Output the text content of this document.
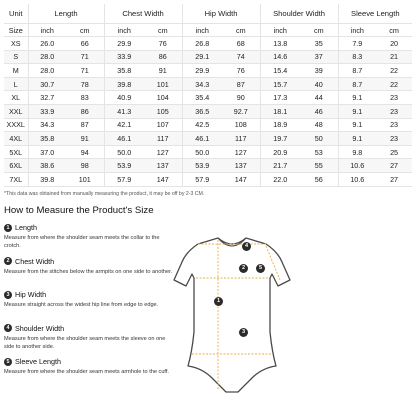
Unit	Length		Chest Width		Hip Width		Shoulder Width		Sleeve Length	
Size	inch	cm	inch	cm	inch	cm	inch	cm	inch	cm
XS	26.0	66	29.9	76	26.8	68	13.8	35	7.9	20
S	28.0	71	33.9	86	29.1	74	14.6	37	8.3	21
M	28.0	71	35.8	91	29.9	76	15.4	39	8.7	22
L	30.7	78	39.8	101	34.3	87	15.7	40	8.7	22
XL	32.7	83	40.9	104	35.4	90	17.3	44	9.1	23
XXL	33.9	86	41.3	105	36.5	92.7	18.1	46	9.1	23
XXXL	34.3	87	42.1	107	42.5	108	18.9	48	9.1	23
4XL	35.8	91	46.1	117	46.1	117	19.7	50	9.1	23
5XL	37.0	94	50.0	127	50.0	127	20.9	53	9.8	25
6XL	38.6	98	53.9	137	53.9	137	21.7	55	10.6	27
7XL	39.8	101	57.9	147	57.9	147	22.0	56	10.6	27
*This data was obtained from manually measuring the product, it may be off by 2-3 CM.
How to Measure the Product's Size
1 Length
Measure from where the shoulder seam meets the collar to the crotch.
2 Chest Width
Measure from the stitches below the armpits on one side to another.
3 Hip Width
Measure straight across the widest hip line from edge to edge.
4 Shoulder Width
Measure from where the shoulder seam meets the sleeve on one side to another side.
5 Sleeve Length
Measure from where the shoulder seam meets armhole to the cuff.
1
2
3
4
5
